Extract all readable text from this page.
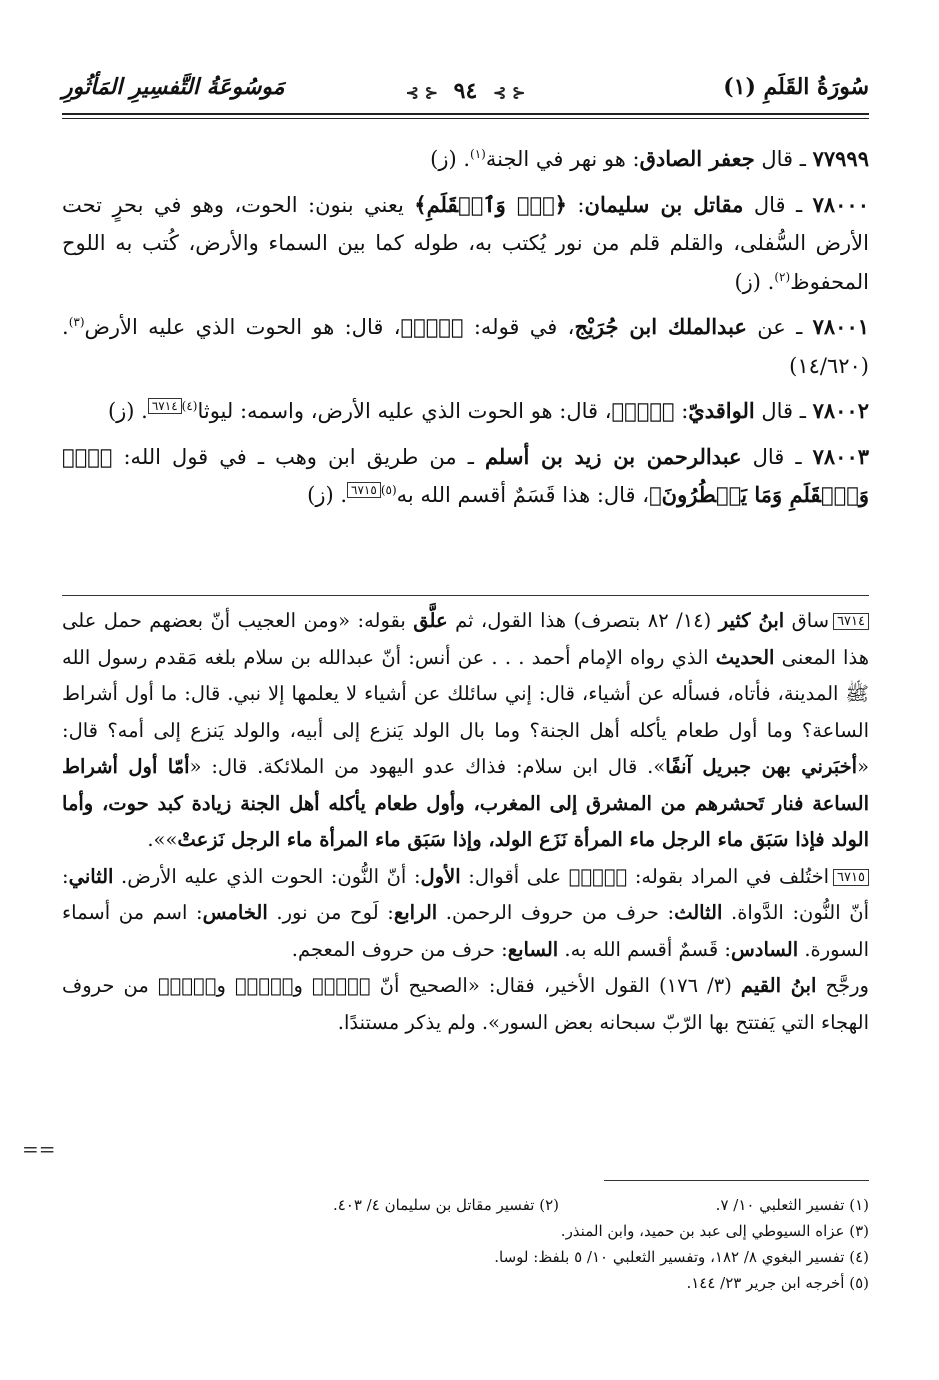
سُورَةُ القَلَمِ (١)
⊰ ⊱ ٩٤ ⊰ ⊱
مَوسُوعَةُ التَّفسِيرِ المَأثُورِ
٧٧٩٩٩ ـ قال جعفر الصادق: هو نهر في الجنة$^{(١)}$. (ز)
٧٨٠٠٠ ـ قال مقاتل بن سليمان: ﴿نٓۚ وَٱلۡقَلَمِ﴾ يعني بنون: الحوت، وهو في بحرٍ تحت الأرض السُّفلى، والقلم قلم من نور يُكتب به، طوله كما بين السماء والأرض، كُتب به اللوح المحفوظ$^{(٢)}$. (ز)
٧٨٠٠١ ـ عن عبدالملك ابن جُرَيْج، في قوله: ﴿نٓۚ﴾، قال: هو الحوت الذي عليه الأرض$^{(٣)}$. (١٤/٦٢٠)
٧٨٠٠٢ ـ قال الواقديّ: ﴿نٓۚ﴾، قال: هو الحوت الذي عليه الأرض، واسمه: ليوثا$^{(٤)}$٦٧١٤. (ز)
٧٨٠٠٣ ـ قال عبدالرحمن بن زيد بن أسلم ـ من طريق ابن وهب ـ في قول الله: ﴿نٓۚ وَٱلۡقَلَمِ وَمَا يَسۡطُرُونَ﴾، قال: هذا قَسَمٌ أقسم الله به$^{(٥)}$٦٧١٥. (ز)

٦٧١٤ساق ابنُ كثير (١٤/ ٨٢ بتصرف) هذا القول، ثم علَّق بقوله: «ومن العجيب أنّ بعضهم حمل على هذا المعنى الحديث الذي رواه الإمام أحمد . . . عن أنس: أنّ عبدالله بن سلام بلغه مَقدم رسول الله ﷺ المدينة، فأتاه، فسأله عن أشياء، قال: إني سائلك عن أشياء لا يعلمها إلا نبي. قال: ما أول أشراط الساعة؟ وما أول طعام يأكله أهل الجنة؟ وما بال الولد يَنزع إلى أبيه، والولد يَنزع إلى أمه؟ قال: «أخبَرني بهن جبريل آنفًا». قال ابن سلام: فذاك عدو اليهود من الملائكة. قال: «أمّا أول أشراط الساعة فنار تَحشرهم من المشرق إلى المغرب، وأول طعام يأكله أهل الجنة زيادة كبد حوت، وأما الولد فإذا سَبَق ماء الرجل ماء المرأة نَزَع الولد، وإذا سَبَق ماء المرأة ماء الرجل نَزعتْ»».

٦٧١٥اختُلف في المراد بقوله: ﴿نٓۚ﴾ على أقوال: الأول: أنّ النُّون: الحوت الذي عليه الأرض. الثاني: أنّ النُّون: الدَّواة. الثالث: حرف من حروف الرحمن. الرابع: لَوح من نور. الخامس: اسم من أسماء السورة. السادس: قَسمٌ أقسم الله به. السابع: حرف من حروف المعجم.

ورجَّح ابنُ القيم (٣/ ١٧٦) القول الأخير، فقال: «الصحيح أنّ ﴿نٓۚ﴾ و﴿قٓۚ﴾ و﴿صٓۚ﴾ من حروف الهجاء التي يَفتتح بها الرّبّ سبحانه بعض السور». ولم يذكر مستندًا.

==
(١) تفسير الثعلبي ١٠/ ٧.
(٢) تفسير مقاتل بن سليمان ٤/ ٤٠٣.
(٣) عزاه السيوطي إلى عبد بن حميد، وابن المنذر.
(٤) تفسير البغوي ٨/ ١٨٢، وتفسير الثعلبي ١٠/ ٥ بلفظ: لوسا.
(٥) أخرجه ابن جرير ٢٣/ ١٤٤.
